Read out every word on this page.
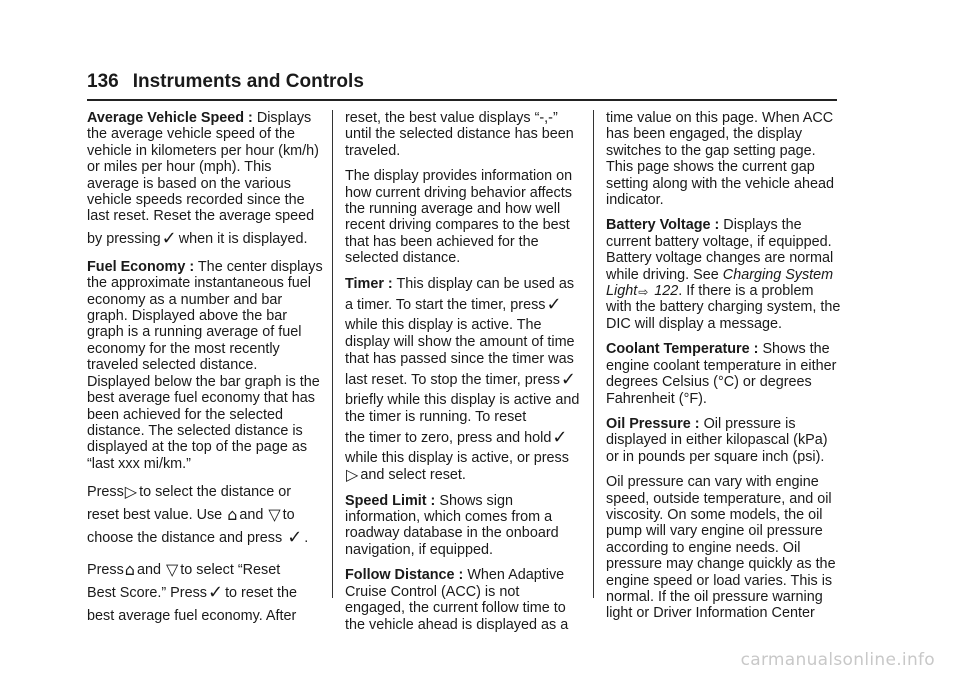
136 Instruments and Controls

Average Vehicle Speed : Displays the average vehicle speed of the vehicle in kilometers per hour (km/h) or miles per hour (mph). This average is based on the various vehicle speeds recorded since the last reset. Reset the average speed

by pressing✓ when it is displayed.

Fuel Economy : The center displays the approximate instantaneous fuel economy as a number and bar graph. Displayed above the bar graph is a running average of fuel economy for the most recently traveled selected distance. Displayed below the bar graph is the best average fuel economy that has been achieved for the selected distance. The selected distance is displayed at the top of the page as “last xxx mi/km.”

Press▷ to select the distance or
reset best value. Use ⌂ and ▽ to
choose the distance and press ✓ .

Press⌂ and ▽ to select “Reset
Best Score.” Press✓ to reset the
best average fuel economy. After

reset, the best value displays “-,-” until the selected distance has been traveled.

The display provides information on how current driving behavior affects the running average and how well recent driving compares to the best that has been achieved for the selected distance.

Timer : This display can be used as
a timer. To start the timer, press✓
while this display is active. The display will show the amount of time that has passed since the timer was
last reset. To stop the timer, press✓
briefly while this display is active and the timer is running. To reset
the timer to zero, press and hold✓
while this display is active, or press
▷ and select reset.

Speed Limit : Shows sign information, which comes from a roadway database in the onboard navigation, if equipped.

Follow Distance : When Adaptive Cruise Control (ACC) is not engaged, the current follow time to the vehicle ahead is displayed as a

time value on this page. When ACC has been engaged, the display switches to the gap setting page. This page shows the current gap setting along with the vehicle ahead indicator.

Battery Voltage : Displays the current battery voltage, if equipped. Battery voltage changes are normal while driving. See Charging System Light⇨ 122. If there is a problem with the battery charging system, the DIC will display a message.

Coolant Temperature : Shows the engine coolant temperature in either degrees Celsius (°C) or degrees Fahrenheit (°F).

Oil Pressure : Oil pressure is displayed in either kilopascal (kPa) or in pounds per square inch (psi).

Oil pressure can vary with engine speed, outside temperature, and oil viscosity. On some models, the oil pump will vary engine oil pressure according to engine needs. Oil pressure may change quickly as the engine speed or load varies. This is normal. If the oil pressure warning light or Driver Information Center

carmanualsonline.info
